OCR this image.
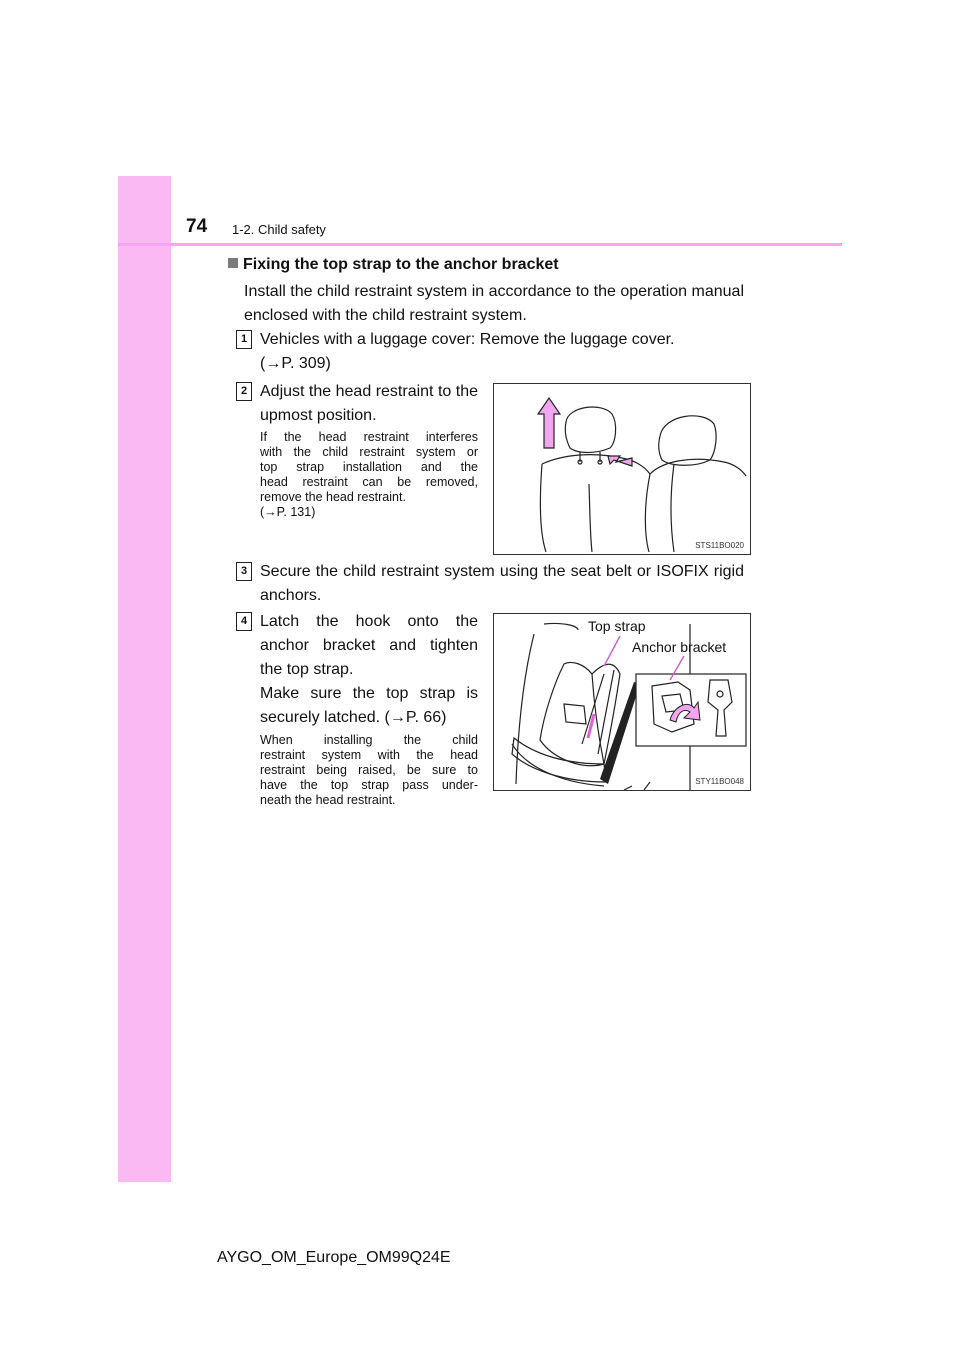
74 1-2. Child safety
Fixing the top strap to the anchor bracket
Install the child restraint system in accordance to the operation manual enclosed with the child restraint system.
1 Vehicles with a luggage cover: Remove the luggage cover.
(→P. 309)
2 Adjust the head restraint to the upmost position.
If the head restraint interferes
with the child restraint system or
top strap installation and the
head restraint can be removed,
remove the head restraint.
(→P. 131)
STS11BO020
3 Secure the child restraint system using the seat belt or ISOFIX rigid anchors.
4 Latch the hook onto the
anchor bracket and tighten
the top strap.
Make sure the top strap is
securely latched. (→P. 66)
When installing the child
restraint system with the head
restraint being raised, be sure to
have the top strap pass under-
neath the head restraint.
Top strap
Anchor bracket
STY11BO048
AYGO_OM_Europe_OM99Q24E
